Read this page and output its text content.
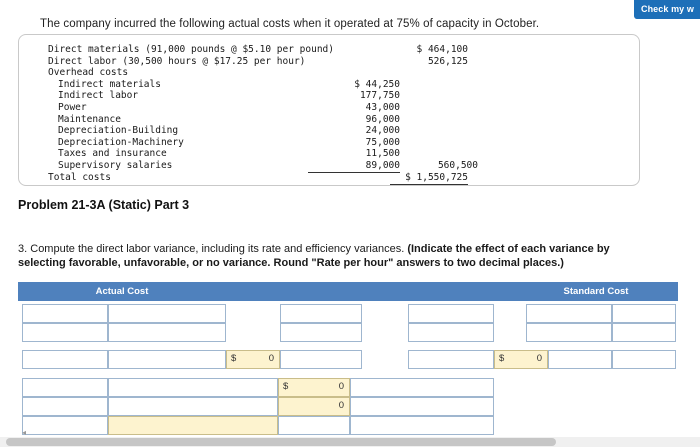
Check my w
The company incurred the following actual costs when it operated at 75% of capacity in October.
Direct materials (91,000 pounds @ $5.10 per pound)	$ 464,100
Direct labor (30,500 hours @ $17.25 per hour)	526,125
Overhead costs
Indirect materials	$ 44,250
Indirect labor	177,750
Power	43,000
Maintenance	96,000
Depreciation-Building	24,000
Depreciation-Machinery	75,000
Taxes and insurance	11,500
Supervisory salaries	89,000	560,500
Total costs	$ 1,550,725
Problem 21-3A (Static) Part 3
3. Compute the direct labor variance, including its rate and efficiency variances. (Indicate the effect of each variance by selecting favorable, unfavorable, or no variance. Round "Rate per hour" answers to two decimal places.)
Actual Cost	Standard Cost
$	0	$	0
$	0
0
◂
